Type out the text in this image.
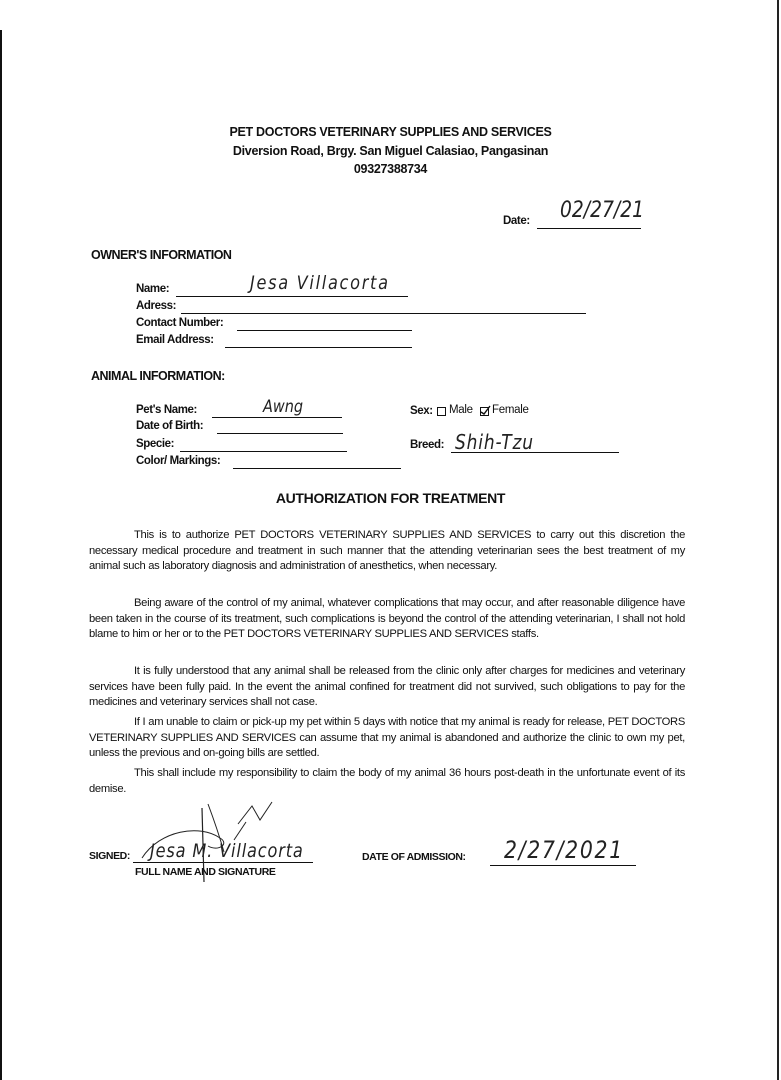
PET DOCTORS VETERINARY SUPPLIES AND SERVICES
Diversion Road, Brgy. San Miguel Calasiao, Pangasinan
09327388734
Date: 02/27/21
OWNER'S INFORMATION
Name:	Jesa Villacorta
Adress:
Contact Number:
Email Address:
ANIMAL INFORMATION:
Pet's Name:	Awng
Date of Birth:
Specie:
Color/ Markings:
Sex: Male Female
Breed: Shih-Tzu
AUTHORIZATION FOR TREATMENT

This is to authorize PET DOCTORS VETERINARY SUPPLIES AND SERVICES to carry out this discretion the necessary medical procedure and treatment in such manner that the attending veterinarian sees the best treatment of my animal such as laboratory diagnosis and administration of anesthetics, when necessary.

Being aware of the control of my animal, whatever complications that may occur, and after reasonable diligence have been taken in the course of its treatment, such complications is beyond the control of the attending veterinarian, I shall not hold blame to him or her or to the PET DOCTORS VETERINARY SUPPLIES AND SERVICES staffs.

It is fully understood that any animal shall be released from the clinic only after charges for medicines and veterinary services have been fully paid. In the event the animal confined for treatment did not survived, such obligations to pay for the medicines and veterinary services shall not case.

If I am unable to claim or pick-up my pet within 5 days with notice that my animal is ready for release, PET DOCTORS VETERINARY SUPPLIES AND SERVICES can assume that my animal is abandoned and authorize the clinic to own my pet, unless the previous and on-going bills are settled.

This shall include my responsibility to claim the body of my animal 36 hours post-death in the unfortunate event of its demise.

SIGNED: Jesa M. Villacorta
FULL NAME AND SIGNATURE
DATE OF ADMISSION: 2/27/2021
